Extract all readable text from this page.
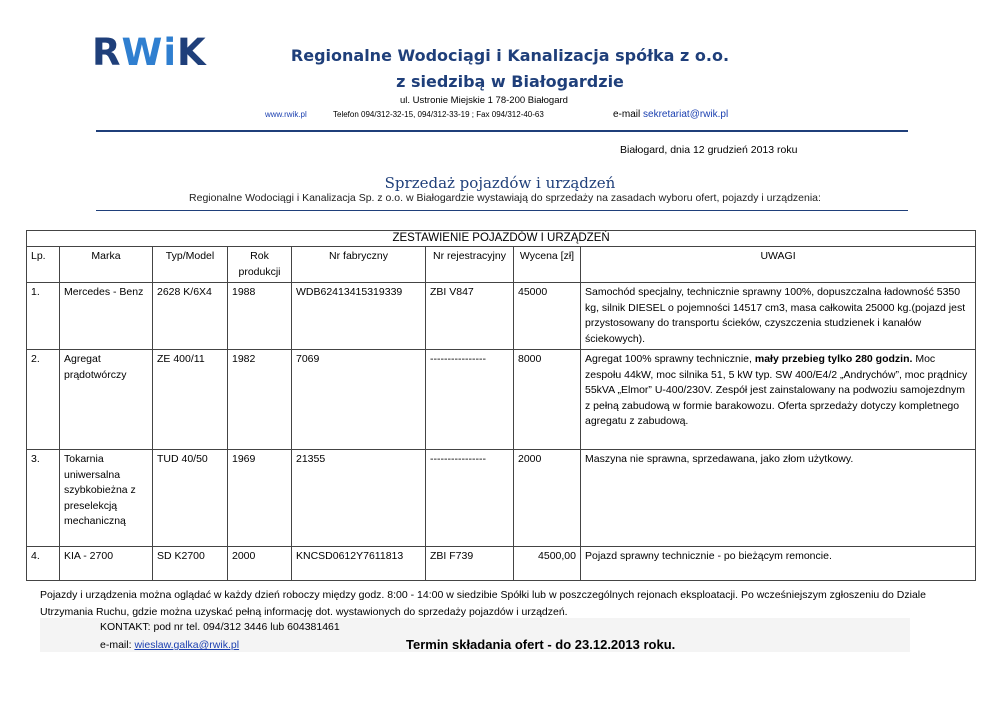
RWiK	Regionalne Wodociągi i Kanalizacja spółka z o.o.
z siedzibą w Białogardzie
ul. Ustronie Miejskie 1 78-200 Białogard
www.rwik.pl	Telefon 094/312-32-15, 094/312-33-19 ; Fax 094/312-40-63	e-mail sekretariat@rwik.pl
Białogard, dnia 12 grudzień 2013 roku
Sprzedaż pojazdów i urządzeń
Regionalne Wodociągi i Kanalizacja Sp. z o.o. w Białogardzie wystawiają do sprzedaży na zasadach wyboru ofert, pojazdy i urządzenia:
ZESTAWIENIE POJAZDÓW I URZĄDZEŃ							
Lp.	Marka	Typ/Model	Rok produkcji	Nr fabryczny	Nr rejestracyjny	Wycena [zł]	UWAGI
1.	Mercedes - Benz	2628 K/6X4	1988	WDB62413415319339	ZBI V847	45000	Samochód specjalny, technicznie sprawny 100%, dopuszczalna ładowność 5350 kg, silnik DIESEL o pojemności 14517 cm3, masa całkowita 25000 kg.(pojazd jest przystosowany do transportu ścieków, czyszczenia studzienek i kanałów ściekowych).
2.	Agregat prądotwórczy	ZE 400/11	1982	7069	----------------	8000	Agregat 100% sprawny technicznie, mały przebieg tylko 280 godzin. Moc zespołu 44kW, moc silnika 51, 5 kW typ. SW 400/E4/2 „Andrychów”, moc prądnicy 55kVA „Elmor” U-400/230V. Zespół jest zainstalowany na podwoziu samojezdnym z pełną zabudową w formie barakowozu. Oferta sprzedaży dotyczy kompletnego agregatu z zabudową.
3.	Tokarnia uniwersalna szybkobieżna z preselekcją mechaniczną	TUD 40/50	1969	21355	----------------	2000	Maszyna nie sprawna, sprzedawana, jako złom użytkowy.
4.	KIA - 2700	SD K2700	2000	KNCSD0612Y7611813	ZBI F739	4500,00	Pojazd sprawny technicznie - po bieżącym remoncie.
Pojazdy i urządzenia można oglądać w każdy dzień roboczy między godz. 8:00 - 14:00 w siedzibie Spółki lub w poszczególnych rejonach eksploatacji. Po wcześniejszym zgłoszeniu do Dziale Utrzymania Ruchu, gdzie można uzyskać pełną informację dot. wystawionych do sprzedaży pojazdów i urządzeń.
KONTAKT: pod nr tel. 094/312 3446 lub 604381461
e-mail: wieslaw.galka@rwik.pl	Termin składania ofert - do 23.12.2013 roku.
